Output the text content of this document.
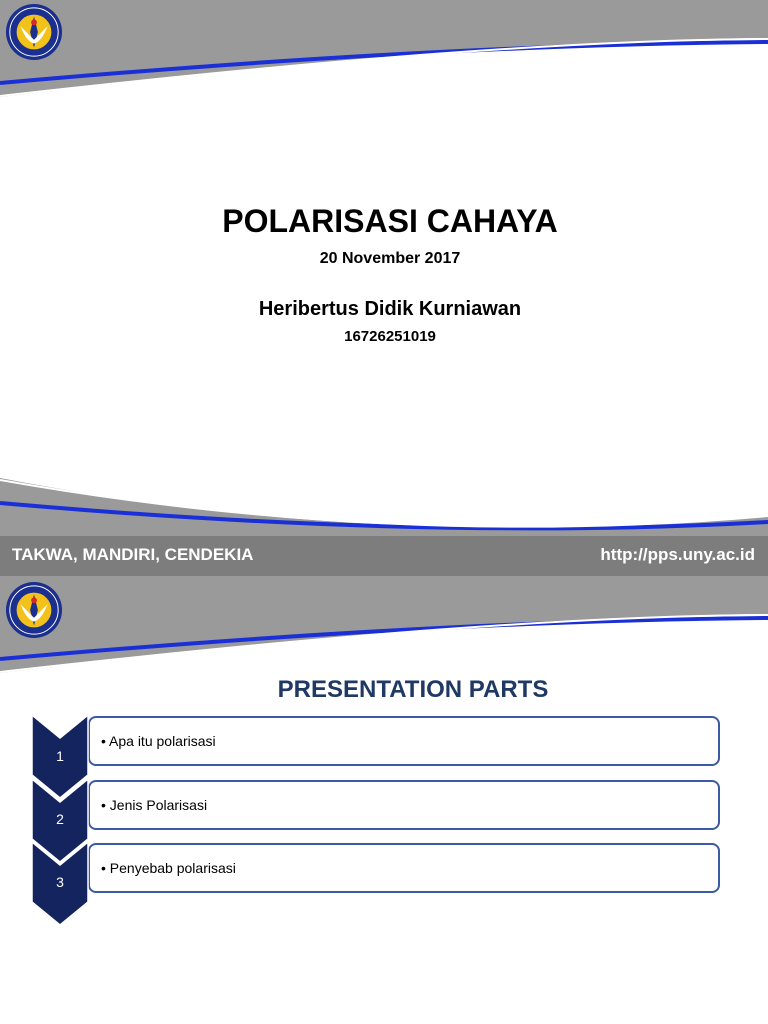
POLARISASI CAHAYA
20 November 2017
Heribertus Didik Kurniawan
16726251019
TAKWA, MANDIRI, CENDEKIA	http://pps.uny.ac.id
PRESENTATION PARTS
• Apa itu polarisasi
1
• Jenis Polarisasi
2
• Penyebab polarisasi
3
